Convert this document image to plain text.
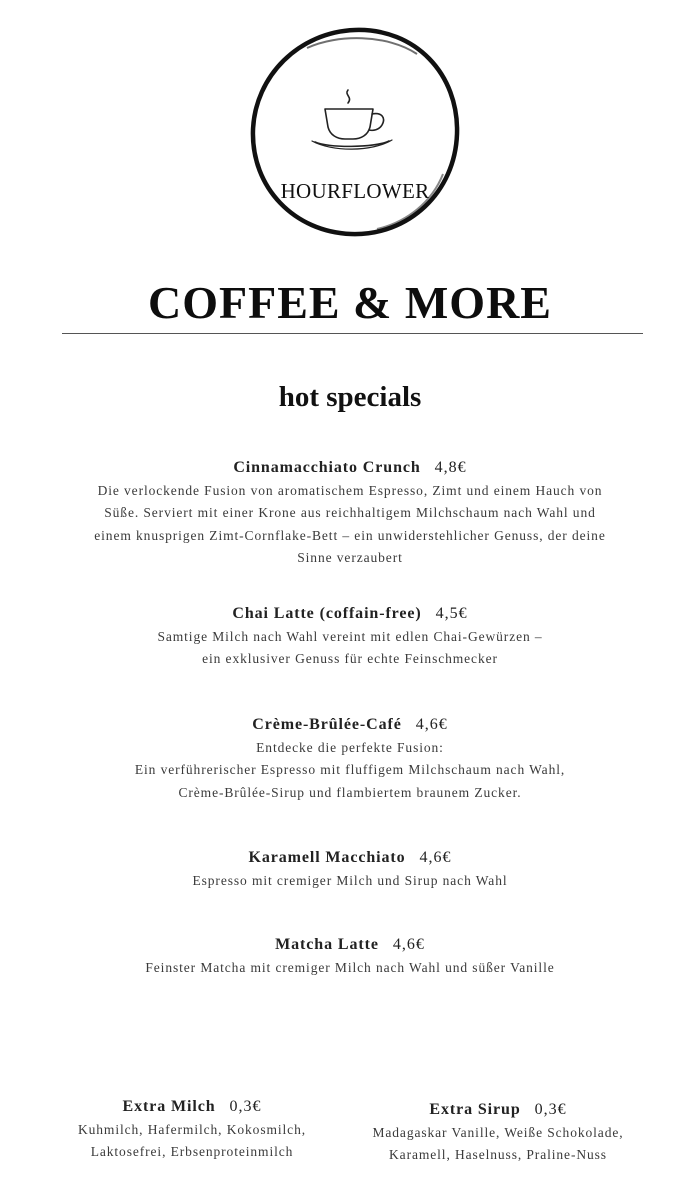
HOURFLOWER
COFFEE & MORE
hot specials
Cinnamacchiato Crunch 4,8€
Die verlockende Fusion von aromatischem Espresso, Zimt und einem Hauch von
Süße. Serviert mit einer Krone aus reichhaltigem Milchschaum nach Wahl und
einem knusprigen Zimt-Cornflake-Bett – ein unwiderstehlicher Genuss, der deine
Sinne verzaubert
Chai Latte (coffain-free) 4,5€
Samtige Milch nach Wahl vereint mit edlen Chai-Gewürzen –
ein exklusiver Genuss für echte Feinschmecker
Crème-Brûlée-Café 4,6€
Entdecke die perfekte Fusion:
Ein verführerischer Espresso mit fluffigem Milchschaum nach Wahl,
Crème-Brûlée-Sirup und flambiertem braunem Zucker.
Karamell Macchiato 4,6€
Espresso mit cremiger Milch und Sirup nach Wahl
Matcha Latte 4,6€
Feinster Matcha mit cremiger Milch nach Wahl und süßer Vanille
Extra Milch 0,3€
Kuhmilch, Hafermilch, Kokosmilch,
Laktosefrei, Erbsenproteinmilch
Extra Sirup 0,3€
Madagaskar Vanille, Weiße Schokolade,
Karamell, Haselnuss, Praline-Nuss
